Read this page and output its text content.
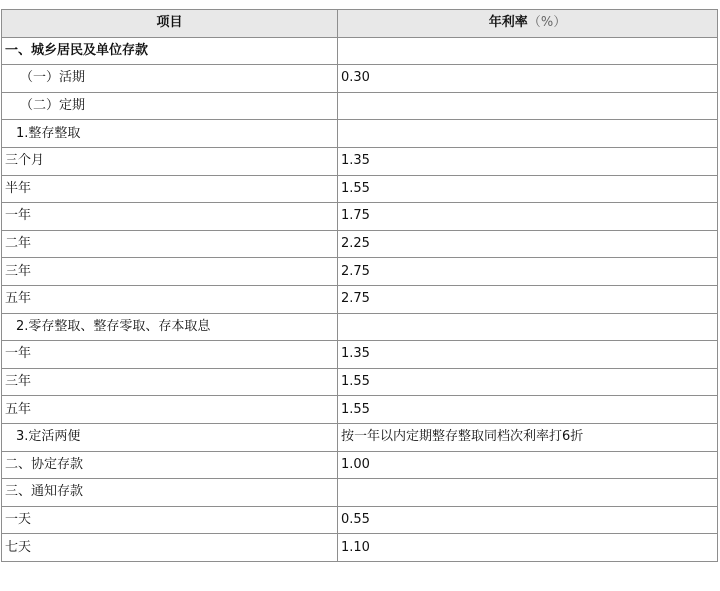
项目	年利率（%）
一、城乡居民及单位存款	
（一）活期	0.30
（二）定期	
1.整存整取	
三个月	1.35
半年	1.55
一年	1.75
二年	2.25
三年	2.75
五年	2.75
2.零存整取、整存零取、存本取息	
一年	1.35
三年	1.55
五年	1.55
3.定活两便	按一年以内定期整存整取同档次利率打6折
二、协定存款	1.00
三、通知存款	
一天	0.55
七天	1.10
